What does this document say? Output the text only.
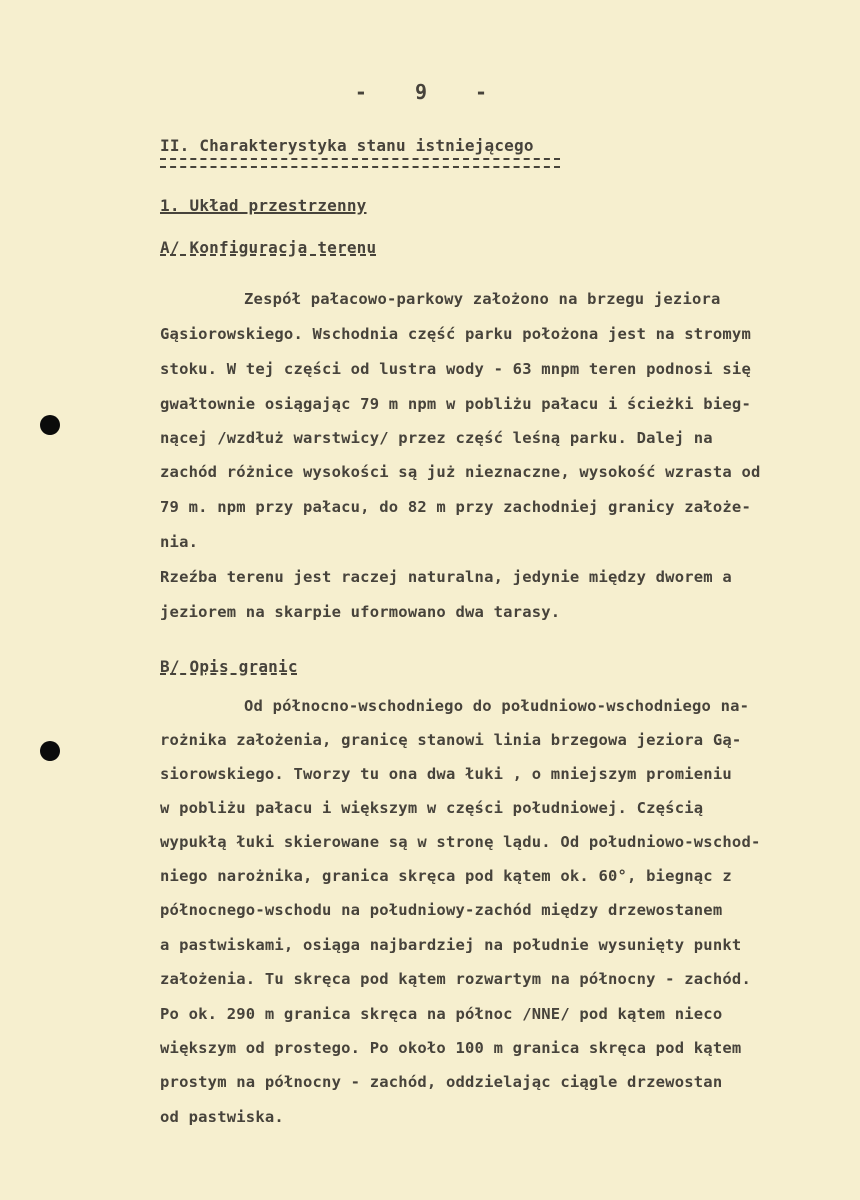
- 9 -
II. Charakterystyka stanu istniejącego
1. Układ przestrzenny
A/ Konfiguracja terenu
Zespół pałacowo-parkowy założono na brzegu jeziora
Gąsiorowskiego. Wschodnia część parku położona jest na stromym
stoku. W tej części od lustra wody - 63 mnpm teren podnosi się
gwałtownie osiągając 79 m npm w pobliżu pałacu i ścieżki bieg-
nącej /wzdłuż warstwicy/ przez część leśną parku. Dalej na
zachód różnice wysokości są już nieznaczne, wysokość wzrasta od
79 m. npm przy pałacu, do 82 m przy zachodniej granicy założe-
nia.
Rzeźba terenu jest raczej naturalna, jedynie między dworem a
jeziorem na skarpie uformowano dwa tarasy.
B/ Opis granic
Od północno-wschodniego do południowo-wschodniego na-
rożnika założenia, granicę stanowi linia brzegowa jeziora Gą-
siorowskiego. Tworzy tu ona dwa łuki , o mniejszym promieniu
w pobliżu pałacu i większym w części południowej. Częścią
wypukłą łuki skierowane są w stronę lądu. Od południowo-wschod-
niego narożnika, granica skręca pod kątem ok. 60°, biegnąc z
północnego-wschodu na południowy-zachód między drzewostanem
a pastwiskami, osiąga najbardziej na południe wysunięty punkt
założenia. Tu skręca pod kątem rozwartym na północny - zachód.
Po ok. 290 m granica skręca na północ /NNE/ pod kątem nieco
większym od prostego. Po około 100 m granica skręca pod kątem
prostym na północny - zachód, oddzielając ciągle drzewostan
od pastwiska.
